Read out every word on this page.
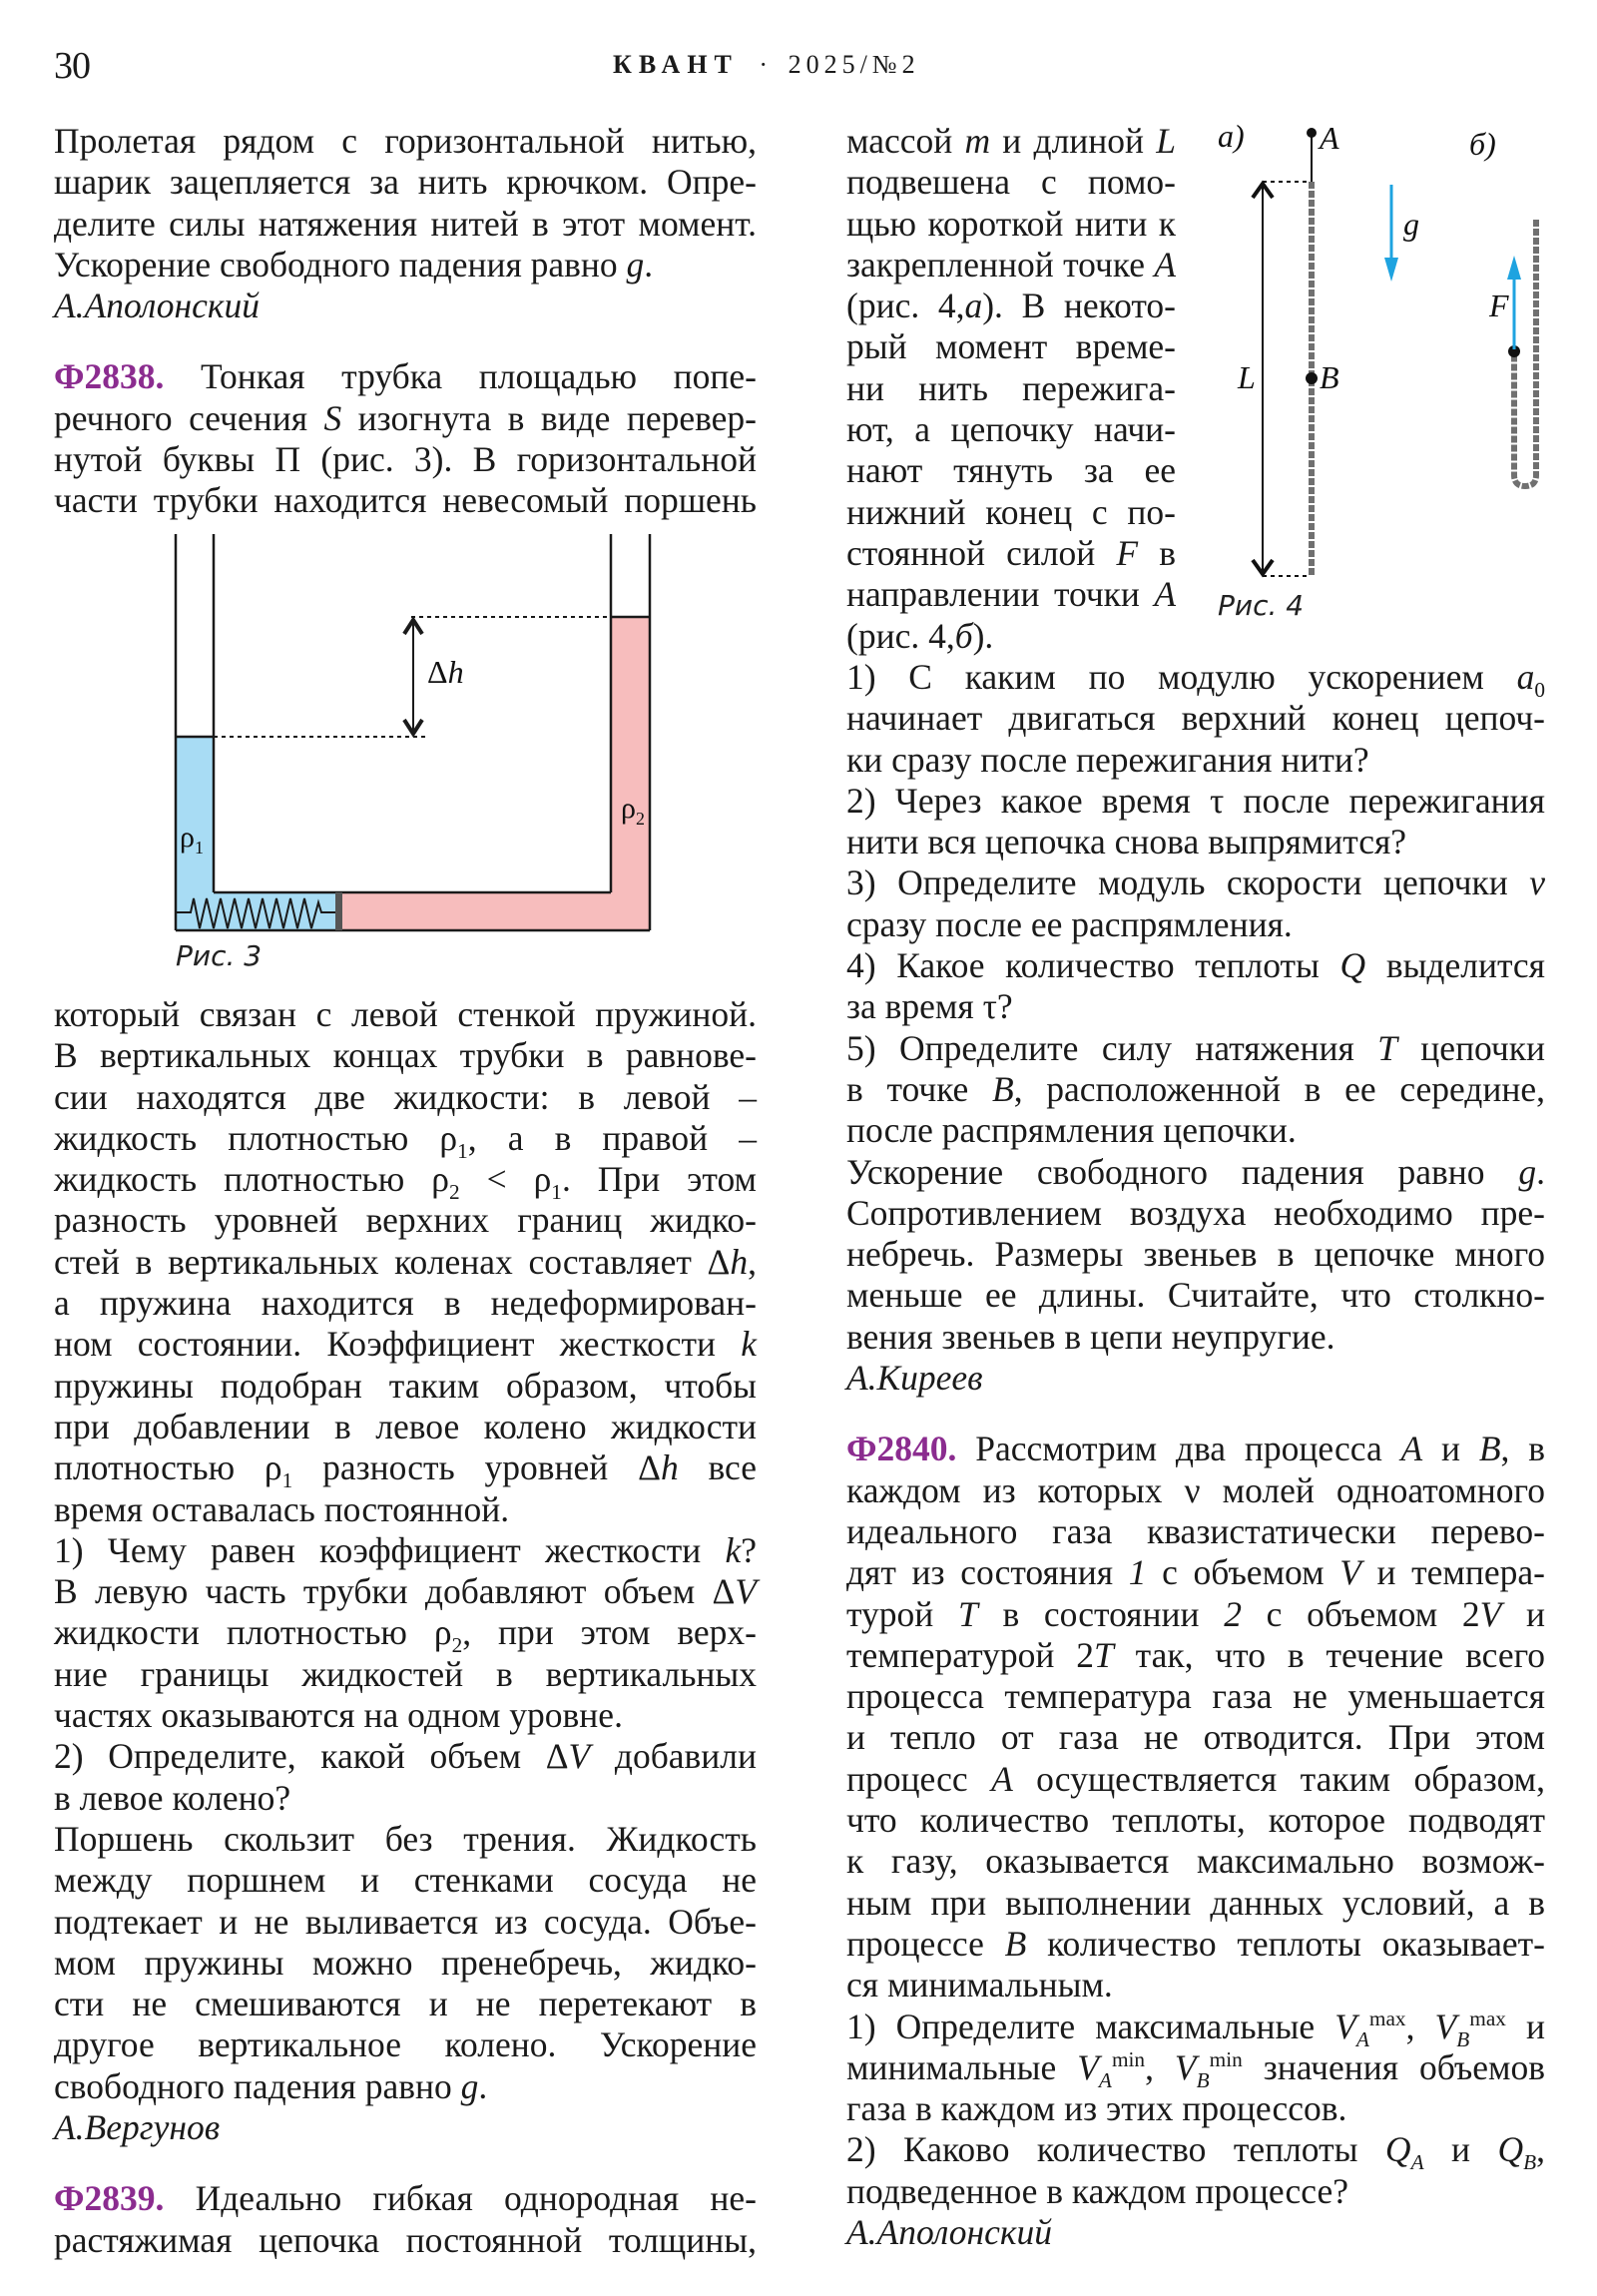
30	КВАНТ · 2025/№2

Пролетая рядом с горизонтальной нитью,

шарик зацепляется за нить крючком. Опре-

делите силы натяжения нитей в этот момент.

Ускорение свободного падения равно g.

А.Аполонский

Ф2838. Тонкая трубка площадью попе-

речного сечения S изогнута в виде перевер-

нутой буквы П (рис. 3). В горизонтальной

части трубки находится невесомый поршень

Δh
$\rho_1$
$\rho_2$
Рис. 3

который связан с левой стенкой пружиной.

В вертикальных концах трубки в равнове-

сии находятся две жидкости: в левой –

жидкость плотностью $\rho_1$, а в правой –

жидкость плотностью $\rho_2 < \rho_1$. При этом

разность уровней верхних границ жидко-

стей в вертикальных коленах составляет Δh,

а пружина находится в недеформирован-

ном состоянии. Коэффициент жесткости k

пружины подобран таким образом, чтобы

при добавлении в левое колено жидкости

плотностью $\rho_1$ разность уровней Δh все

время оставалась постоянной.

1) Чему равен коэффициент жесткости k?

В левую часть трубки добавляют объем ΔV

жидкости плотностью $\rho_2$, при этом верх-

ние границы жидкостей в вертикальных

частях оказываются на одном уровне.

2) Определите, какой объем ΔV добавили

в левое колено?

Поршень скользит без трения. Жидкость

между поршнем и стенками сосуда не

подтекает и не выливается из сосуда. Объе-

мом пружины можно пренебречь, жидко-

сти не смешиваются и не перетекают в

другое вертикальное колено. Ускорение

свободного падения равно g.

А.Вергунов

Ф2839. Идеально гибкая однородная не-

растяжимая цепочка постоянной толщины,

массой m и длиной L

подвешена с помо-

щью короткой нити к

закрепленной точке A

(рис. 4,а). В некото-

рый момент време-

ни нить пережига-

ют, а цепочку начи-

нают тянуть за ее

нижний конец с по-

стоянной силой F в

направлении точки A

(рис. 4,б).

а)	б)
A
B
L
g
F
Рис. 4

1) С каким по модулю ускорением $a_0$

начинает двигаться верхний конец цепоч-

ки сразу после пережигания нити?

2) Через какое время τ после пережигания

нити вся цепочка снова выпрямится?

3) Определите модуль скорости цепочки v

сразу после ее распрямления.

4) Какое количество теплоты Q выделится

за время τ?

5) Определите силу натяжения T цепочки

в точке B, расположенной в ее середине,

после распрямления цепочки.

Ускорение свободного падения равно g.

Сопротивлением воздуха необходимо пре-

небречь. Размеры звеньев в цепочке много

меньше ее длины. Считайте, что столкно-

вения звеньев в цепи неупругие.

А.Киреев

Ф2840. Рассмотрим два процесса A и B, в

каждом из которых ν молей одноатомного

идеального газа квазистатически перево-

дят из состояния 1 с объемом V и темпера-

турой T в состоянии 2 с объемом 2V и

температурой 2T так, что в течение всего

процесса температура газа не уменьшается

и тепло от газа не отводится. При этом

процесс A осуществляется таким образом,

что количество теплоты, которое подводят

к газу, оказывается максимально возмож-

ным при выполнении данных условий, а в

процессе B количество теплоты оказывает-

ся минимальным.

1) Определите максимальные $V_A^{max}$, $V_B^{max}$ и

минимальные $V_A^{min}$, $V_B^{min}$ значения объемов

газа в каждом из этих процессов.

2) Каково количество теплоты $Q_A$ и $Q_B$,

подведенное в каждом процессе?

А.Аполонский
